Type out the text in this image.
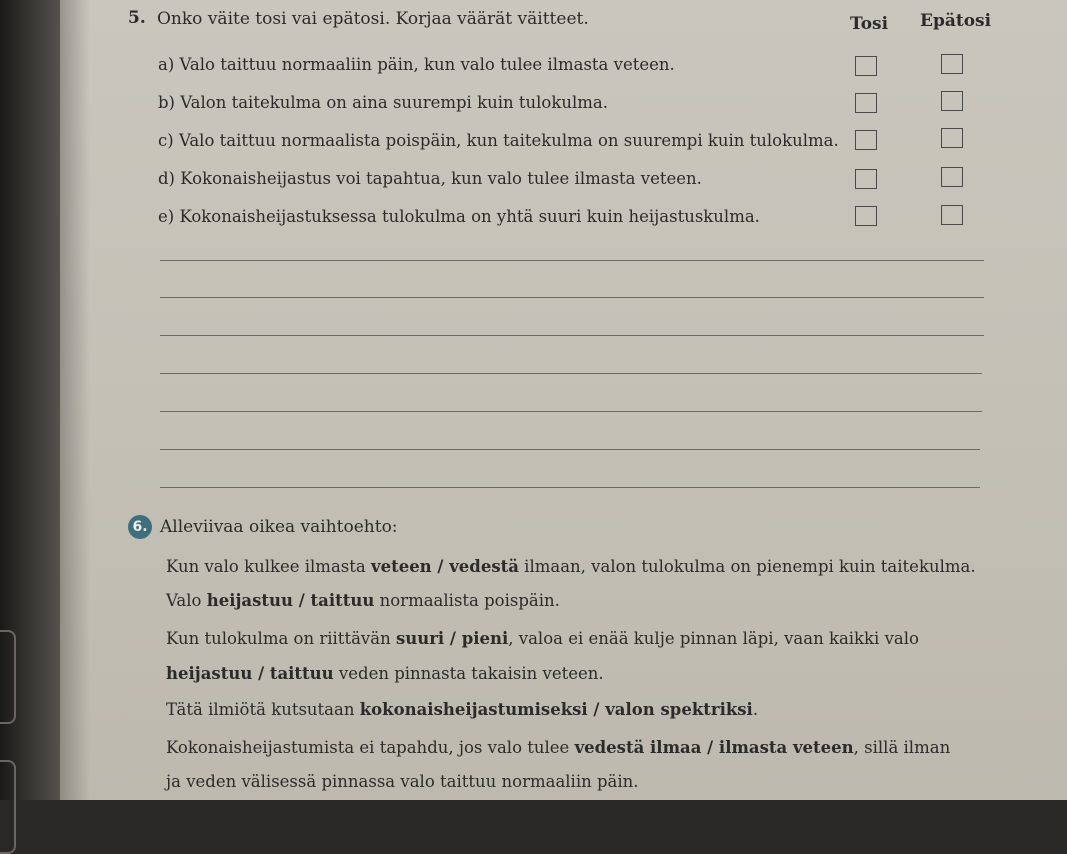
5. Onko väite tosi vai epätosi. Korjaa väärät väitteet.	Tosi Epätosi
a) Valo taittuu normaaliin päin, kun valo tulee ilmasta veteen.
b) Valon taitekulma on aina suurempi kuin tulokulma.
c) Valo taittuu normaalista poispäin, kun taitekulma on suurempi kuin tulokulma.
d) Kokonaisheijastus voi tapahtua, kun valo tulee ilmasta veteen.
e) Kokonaisheijastuksessa tulokulma on yhtä suuri kuin heijastuskulma.
6. Alleviivaa oikea vaihtoehto:
Kun valo kulkee ilmasta veteen / vedestä ilmaan, valon tulokulma on pienempi kuin taitekulma.
Valo heijastuu / taittuu normaalista poispäin.
Kun tulokulma on riittävän suuri / pieni, valoa ei enää kulje pinnan läpi, vaan kaikki valo
heijastuu / taittuu veden pinnasta takaisin veteen.
Tätä ilmiötä kutsutaan kokonaisheijastumiseksi / valon spektriksi.
Kokonaisheijastumista ei tapahdu, jos valo tulee vedestä ilmaa / ilmasta veteen, sillä ilman
ja veden välisessä pinnassa valo taittuu normaaliin päin.
